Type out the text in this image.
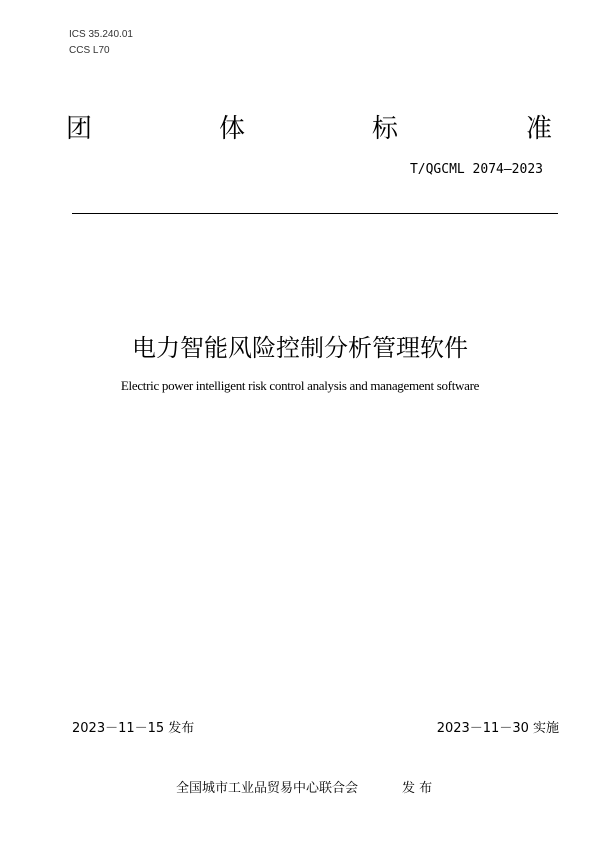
ICS 35.240.01
CCS L70
团	体	标	准
T/QGCML 2074—2023
电力智能风险控制分析管理软件
Electric power intelligent risk control analysis and management software
2023－11－15 发布	2023－11－30 实施
全国城市工业品贸易中心联合会	发 布
